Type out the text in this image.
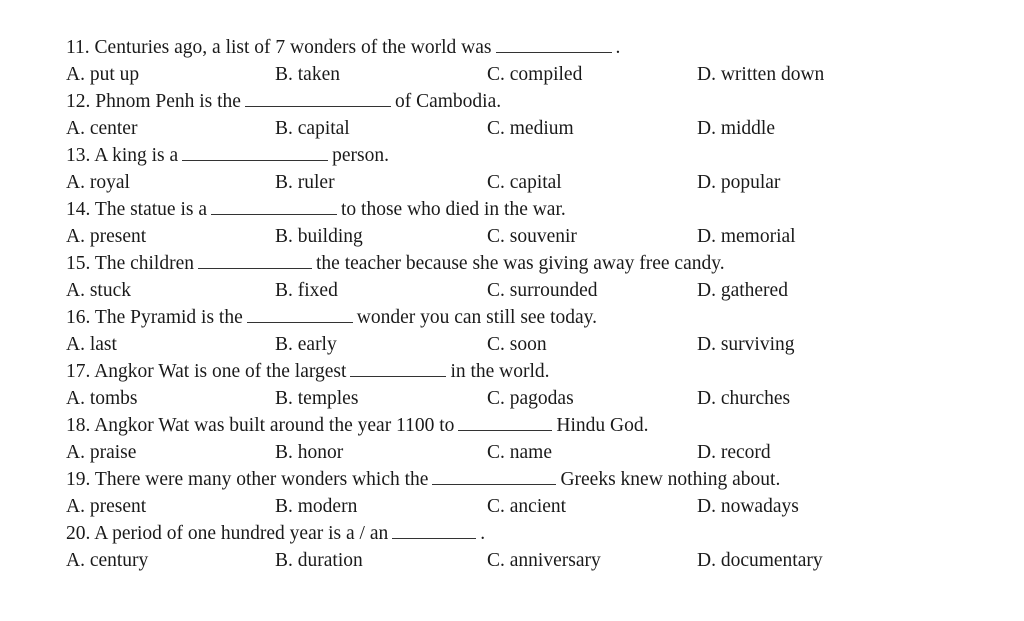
11. Centuries ago, a list of 7 wonders of the world was	.
A. put up	B. taken	C. compiled	D. written down
12. Phnom Penh is the	of Cambodia.
A. center	B. capital	C. medium	D. middle
13. A king is a	person.
A. royal	B. ruler	C. capital	D. popular
14. The statue is a	to those who died in the war.
A. present	B. building	C. souvenir	D. memorial
15. The children	the teacher because she was giving away free candy.
A. stuck	B. fixed	C. surrounded	D. gathered
16. The Pyramid is the	wonder you can still see today.
A. last	B. early	C. soon	D. surviving
17. Angkor Wat is one of the largest	in the world.
A. tombs	B. temples	C. pagodas	D. churches
18. Angkor Wat was built around the year 1100 to	Hindu God.
A. praise	B. honor	C. name	D. record
19. There were many other wonders which the	Greeks knew nothing about.
A. present	B. modern	C. ancient	D. nowadays
20. A period of one hundred year is a / an	.
A. century	B. duration	C. anniversary	D. documentary
